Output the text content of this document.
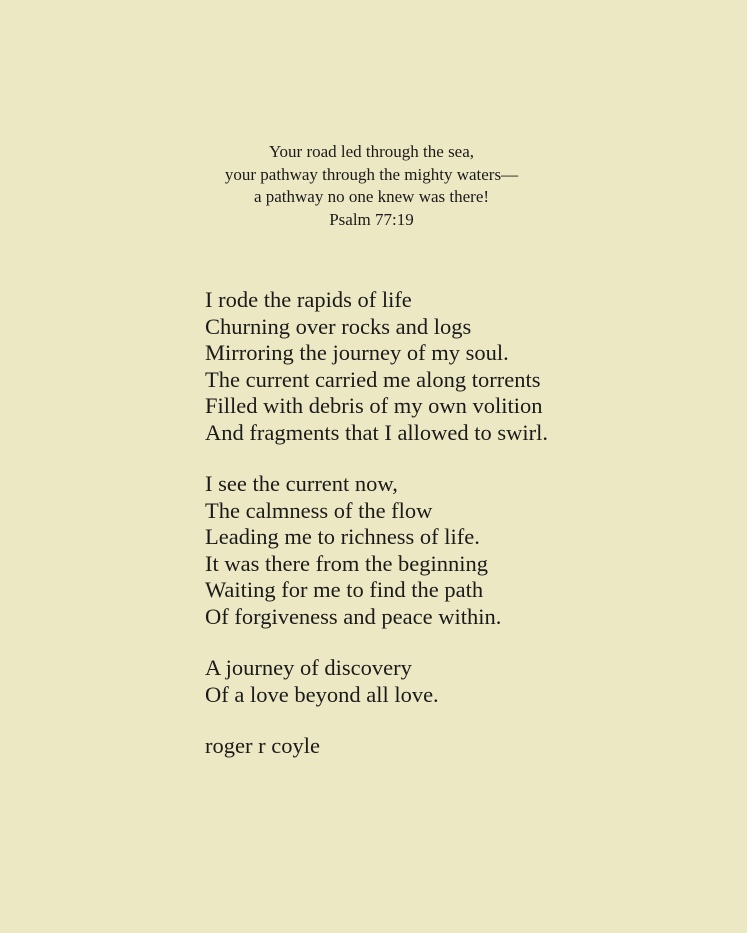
Your road led through the sea,
your pathway through the mighty waters—
a pathway no one knew was there!
Psalm 77:19
I rode the rapids of life
Churning over rocks and logs
Mirroring the journey of my soul.
The current carried me along torrents
Filled with debris of my own volition
And fragments that I allowed to swirl.
I see the current now,
The calmness of the flow
Leading me to richness of life.
It was there from the beginning
Waiting for me to find the path
Of forgiveness and peace within.
A journey of discovery
Of a love beyond all love.
roger r coyle
